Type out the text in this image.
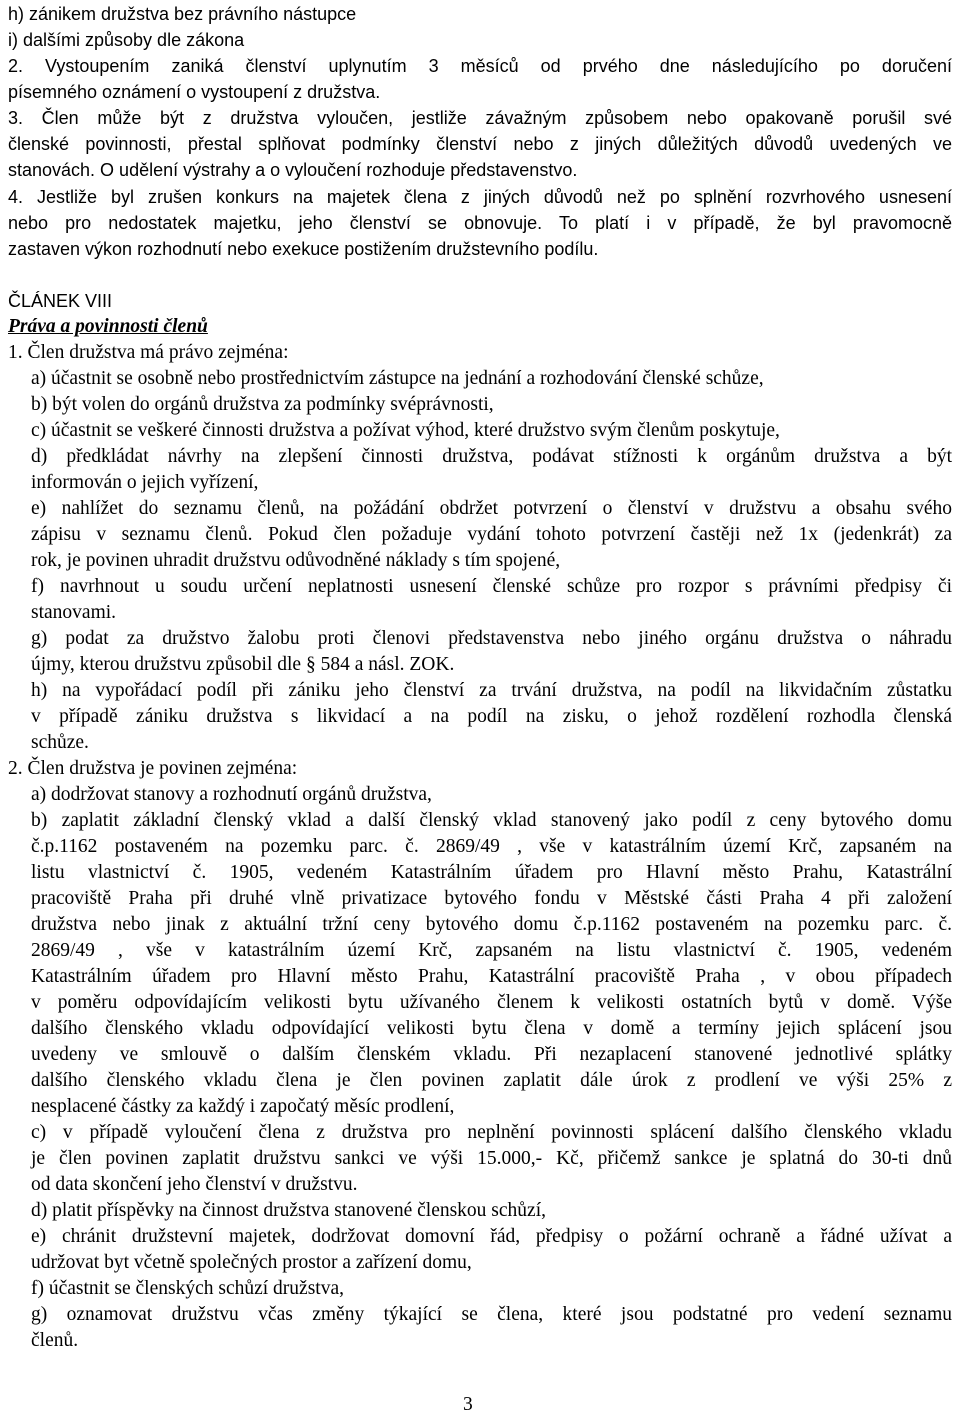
h) zánikem družstva bez právního nástupce
i) dalšími způsoby dle zákona
2. Vystoupením zaniká členství uplynutím 3 měsíců od prvého dne následujícího po doručení
písemného oznámení o vystoupení z družstva.
3. Člen může být z družstva vyloučen, jestliže závažným způsobem nebo opakovaně porušil své
členské povinnosti, přestal splňovat podmínky členství nebo z jiných důležitých důvodů uvedených ve
stanovách. O udělení výstrahy a o vyloučení rozhoduje představenstvo.
4. Jestliže byl zrušen konkurs na majetek člena z jiných důvodů než po splnění rozvrhového usnesení
nebo pro nedostatek majetku, jeho členství se obnovuje. To platí i v případě, že byl pravomocně
zastaven výkon rozhodnutí nebo exekuce postižením družstevního podílu.
ČLÁNEK VIII
Práva a povinnosti členů
1. Člen družstva má právo zejména:
a) účastnit se osobně nebo prostřednictvím zástupce na jednání a rozhodování členské schůze,
b) být volen do orgánů družstva za podmínky svéprávnosti,
c) účastnit se veškeré činnosti družstva a požívat výhod, které družstvo svým členům poskytuje,
d) předkládat návrhy na zlepšení činnosti družstva, podávat stížnosti k orgánům družstva a být
informován o jejich vyřízení,
e) nahlížet do seznamu členů, na požádání obdržet potvrzení o členství v družstvu a obsahu svého
zápisu v seznamu členů. Pokud člen požaduje vydání tohoto potvrzení častěji než 1x (jedenkrát) za
rok, je povinen uhradit družstvu odůvodněné náklady s tím spojené,
f) navrhnout u soudu určení neplatnosti usnesení členské schůze pro rozpor s právními předpisy či
stanovami.
g) podat za družstvo žalobu proti členovi představenstva nebo jiného orgánu družstva o náhradu
újmy, kterou družstvu způsobil dle § 584 a násl. ZOK.
h) na vypořádací podíl při zániku jeho členství za trvání družstva, na podíl na likvidačním zůstatku
v případě zániku družstva s likvidací a na podíl na zisku, o jehož rozdělení rozhodla členská
schůze.
2. Člen družstva je povinen zejména:
a) dodržovat stanovy a rozhodnutí orgánů družstva,
b) zaplatit základní členský vklad a další členský vklad stanovený jako podíl z ceny bytového domu
č.p.1162 postaveném na pozemku parc. č. 2869/49 , vše v katastrálním území Krč, zapsaném na
listu vlastnictví č. 1905, vedeném Katastrálním úřadem pro Hlavní město Prahu, Katastrální
pracoviště Praha při druhé vlně privatizace bytového fondu v Městské části Praha 4 při založení
družstva nebo jinak z aktuální tržní ceny bytového domu č.p.1162 postaveném na pozemku parc. č.
2869/49 , vše v katastrálním území Krč, zapsaném na listu vlastnictví č. 1905, vedeném
Katastrálním úřadem pro Hlavní město Prahu, Katastrální pracoviště Praha , v obou případech
v poměru odpovídajícím velikosti bytu užívaného členem k velikosti ostatních bytů v domě. Výše
dalšího členského vkladu odpovídající velikosti bytu člena v domě a termíny jejich splácení jsou
uvedeny ve smlouvě o dalším členském vkladu. Při nezaplacení stanovené jednotlivé splátky
dalšího členského vkladu člena je člen povinen zaplatit dále úrok z prodlení ve výši 25% z
nesplacené částky za každý i započatý měsíc prodlení,
c) v případě vyloučení člena z družstva pro neplnění povinnosti splácení dalšího členského vkladu
je člen povinen zaplatit družstvu sankci ve výši 15.000,- Kč, přičemž sankce je splatná do 30-ti dnů
od data skončení jeho členství v družstvu.
d) platit příspěvky na činnost družstva stanovené členskou schůzí,
e) chránit družstevní majetek, dodržovat domovní řád, předpisy o požární ochraně a řádné užívat a
udržovat byt včetně společných prostor a zařízení domu,
f) účastnit se členských schůzí družstva,
g) oznamovat družstvu včas změny týkající se člena, které jsou podstatné pro vedení seznamu
členů.
3
